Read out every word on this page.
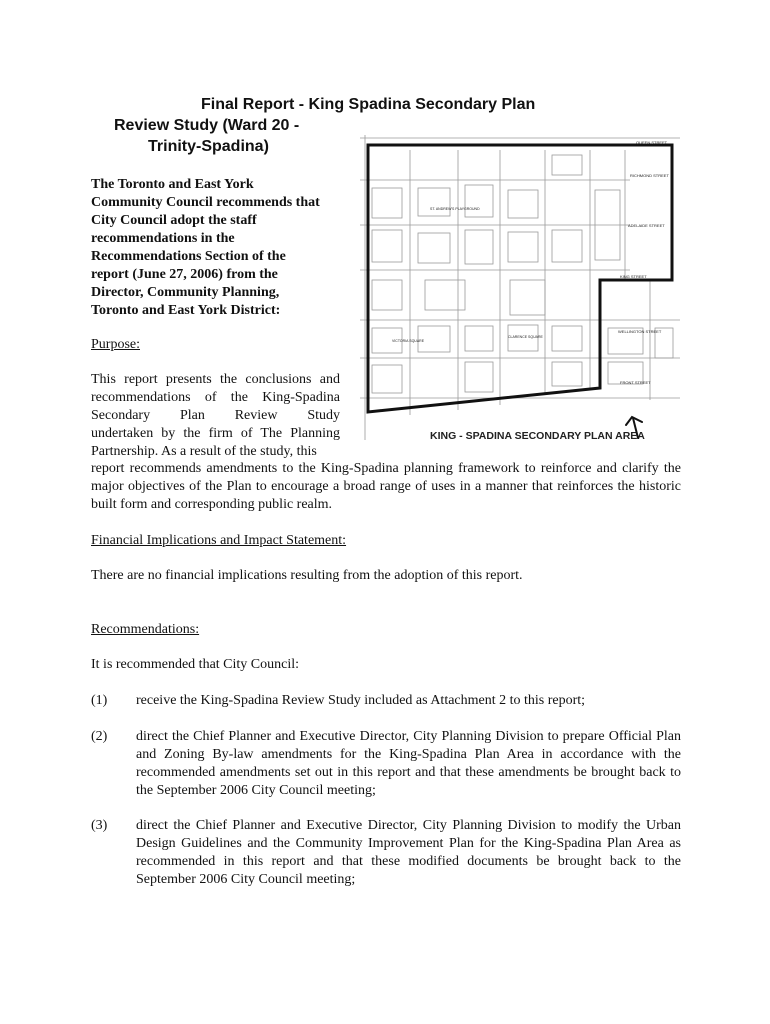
Final Report - King Spadina Secondary Plan
Review Study (Ward 20 -
Trinity-Spadina)
The Toronto and East York
Community Council recommends that
City Council adopt the staff
recommendations in the
Recommendations Section of the
report (June 27, 2006) from the
Director, Community Planning,
Toronto and East York District:
Purpose:
This report presents the conclusions and
recommendations of the King-Spadina
Secondary Plan Review Study
undertaken by the firm of The Planning
Partnership. As a result of the study, this
report recommends amendments to the King-Spadina planning framework to reinforce and clarify the major objectives of the Plan to encourage a broad range of uses in a manner that reinforces the historic built form and corresponding public realm.
Financial Implications and Impact Statement:
There are no financial implications resulting from the adoption of this report.
Recommendations:
It is recommended that City Council:
(1) receive the King-Spadina Review Study included as Attachment 2 to this report;
(2) direct the Chief Planner and Executive Director, City Planning Division to prepare Official Plan and Zoning By-law amendments for the King-Spadina Plan Area in accordance with the recommended amendments set out in this report and that these amendments be brought back to the September 2006 City Council meeting;
(3) direct the Chief Planner and Executive Director, City Planning Division to modify the Urban Design Guidelines and the Community Improvement Plan for the King-Spadina Plan Area as recommended in this report and that these modified documents be brought back to the September 2006 City Council meeting;
QUEEN STREET
RICHMOND STREET
ADELAIDE STREET
KING STREET
WELLINGTON STREET
FRONT STREET
ST. ANDREW'S PLAYGROUND
VICTORIA SQUARE
CLARENCE SQUARE
KING - SPADINA SECONDARY PLAN AREA
